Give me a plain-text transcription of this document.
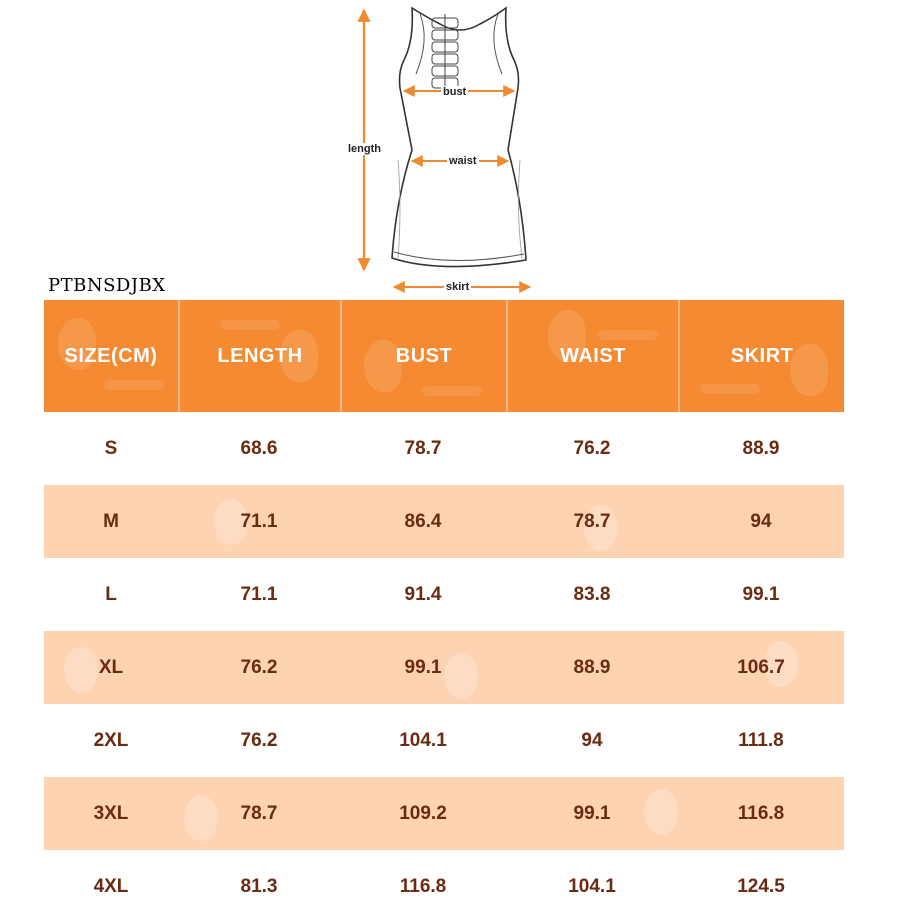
length
bust
waist
skirt
PTBNSDJBX
SIZE(CM)	LENGTH	BUST	WAIST	SKIRT
S	68.6	78.7	76.2	88.9
M	71.1	86.4	78.7	94
L	71.1	91.4	83.8	99.1
XL	76.2	99.1	88.9	106.7
2XL	76.2	104.1	94	111.8
3XL	78.7	109.2	99.1	116.8
4XL	81.3	116.8	104.1	124.5
